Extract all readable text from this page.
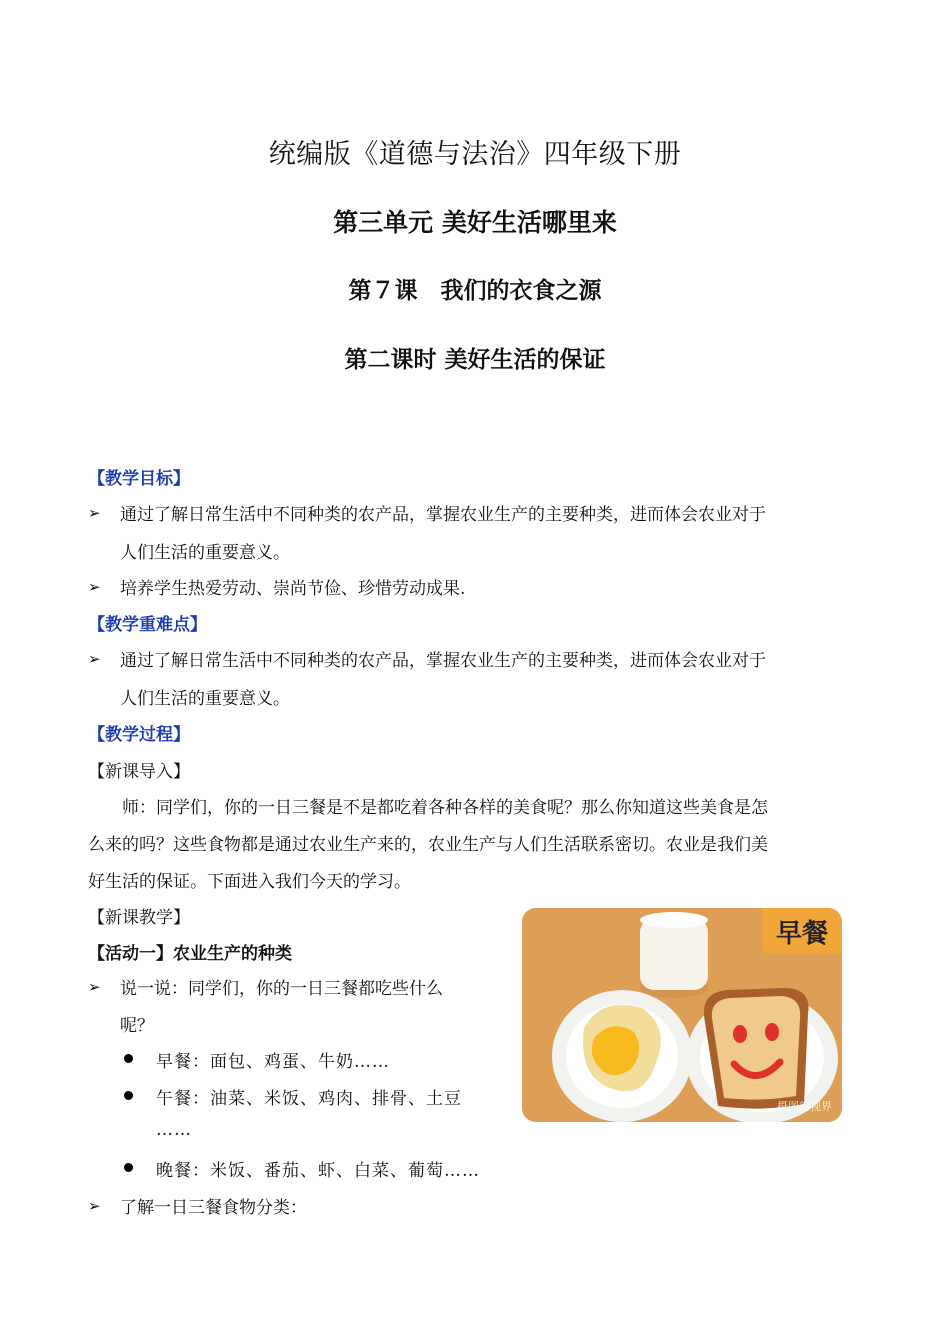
统编版《道德与法治》四年级下册
第三单元 美好生活哪里来
第７课　我们的衣食之源
第二课时 美好生活的保证
【教学目标】
➢ 通过了解日常生活中不同种类的农产品，掌握农业生产的主要种类，进而体会农业对于
人们生活的重要意义。
➢ 培养学生热爱劳动、崇尚节俭、珍惜劳动成果.
【教学重难点】
➢ 通过了解日常生活中不同种类的农产品，掌握农业生产的主要种类，进而体会农业对于
人们生活的重要意义。
【教学过程】
【新课导入】
师：同学们，你的一日三餐是不是都吃着各种各样的美食呢？那么你知道这些美食是怎
么来的吗？这些食物都是通过农业生产来的，农业生产与人们生活联系密切。农业是我们美
好生活的保证。下面进入我们今天的学习。
【新课教学】
【活动一】农业生产的种类
➢ 说一说：同学们，你的一日三餐都吃些什么
呢？
早餐：面包、鸡蛋、牛奶……
午餐：油菜、米饭、鸡肉、排骨、土豆
……
晚餐：米饭、番茄、虾、白菜、葡萄……
➢ 了解一日三餐食物分类：
早餐
摄图新视界
